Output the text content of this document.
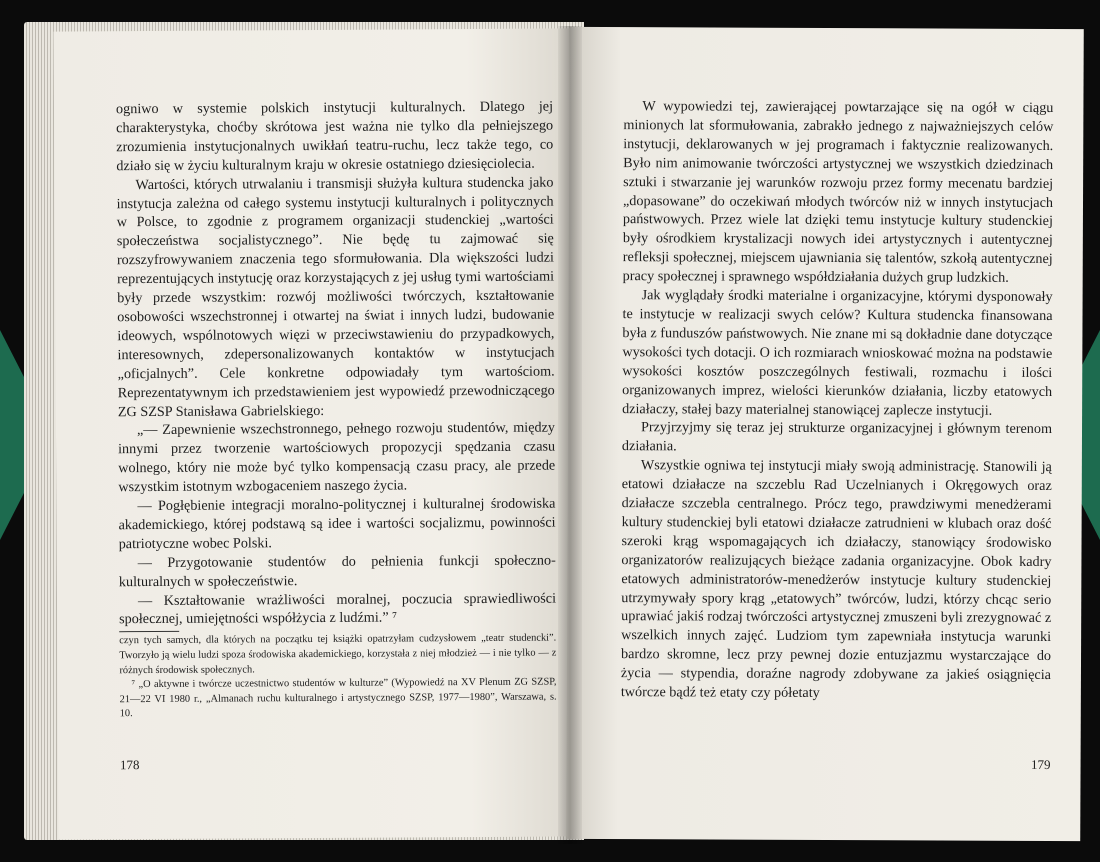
ogniwo w systemie polskich instytucji kulturalnych. Dlatego jej charakterystyka, choćby skrótowa jest ważna nie tylko dla pełniejszego zrozumienia instytucjonalnych uwikłań teatru-ruchu, lecz także tego, co działo się w życiu kulturalnym kraju w okresie ostatniego dziesięciolecia.

Wartości, których utrwalaniu i transmisji służyła kultura studencka jako instytucja zależna od całego systemu instytucji kulturalnych i politycznych w Polsce, to zgodnie z programem organizacji studenckiej „wartości społeczeństwa socjalistycznego”. Nie będę tu zajmować się rozszyfrowywaniem znaczenia tego sformułowania. Dla większości ludzi reprezentujących instytucję oraz korzystających z jej usług tymi wartościami były przede wszystkim: rozwój możliwości twórczych, kształtowanie osobowości wszechstronnej i otwartej na świat i innych ludzi, budowanie ideowych, wspólnotowych więzi w przeciwstawieniu do przypadkowych, interesownych, zdepersonalizowanych kontaktów w instytucjach „oficjalnych”. Cele konkretne odpowiadały tym wartościom. Reprezentatywnym ich przedstawieniem jest wypowiedź przewodniczącego ZG SZSP Stanisława Gabrielskiego:

„— Zapewnienie wszechstronnego, pełnego rozwoju studentów, między innymi przez tworzenie wartościowych propozycji spędzania czasu wolnego, który nie może być tylko kompensacją czasu pracy, ale przede wszystkim istotnym wzbogaceniem naszego życia.

— Pogłębienie integracji moralno-politycznej i kulturalnej środowiska akademickiego, której podstawą są idee i wartości socjalizmu, powinności patriotyczne wobec Polski.

— Przygotowanie studentów do pełnienia funkcji społeczno-kulturalnych w społeczeństwie.

— Kształtowanie wrażliwości moralnej, poczucia sprawiedliwości społecznej, umiejętności współżycia z ludźmi.” ⁷

czyn tych samych, dla których na początku tej książki opatrzyłam cudzysłowem „teatr studencki”. Tworzyło ją wielu ludzi spoza środowiska akademickiego, korzystała z niej młodzież — i nie tylko — z różnych środowisk społecznych.

⁷ „O aktywne i twórcze uczestnictwo studentów w kulturze” (Wypowiedź na XV Plenum ZG SZSP, 21—22 VI 1980 r., „Almanach ruchu kulturalnego i artystycznego SZSP, 1977—1980”, Warszawa, s. 10.

178

W wypowiedzi tej, zawierającej powtarzające się na ogół w ciągu minionych lat sformułowania, zabrakło jednego z najważniejszych celów instytucji, deklarowanych w jej programach i faktycznie realizowanych. Było nim animowanie twórczości artystycznej we wszystkich dziedzinach sztuki i stwarzanie jej warunków rozwoju przez formy mecenatu bardziej „dopasowane” do oczekiwań młodych twórców niż w innych instytucjach państwowych. Przez wiele lat dzięki temu instytucje kultury studenckiej były ośrodkiem krystalizacji nowych idei artystycznych i autentycznej refleksji społecznej, miejscem ujawniania się talentów, szkołą autentycznej pracy społecznej i sprawnego współdziałania dużych grup ludzkich.

Jak wyglądały środki materialne i organizacyjne, którymi dysponowały te instytucje w realizacji swych celów? Kultura studencka finansowana była z funduszów państwowych. Nie znane mi są dokładnie dane dotyczące wysokości tych dotacji. O ich rozmiarach wnioskować można na podstawie wysokości kosztów poszczególnych festiwali, rozmachu i ilości organizowanych imprez, wielości kierunków działania, liczby etatowych działaczy, stałej bazy materialnej stanowiącej zaplecze instytucji.

Przyjrzyjmy się teraz jej strukturze organizacyjnej i głównym terenom działania.

Wszystkie ogniwa tej instytucji miały swoją administrację. Stanowili ją etatowi działacze na szczeblu Rad Uczelnianych i Okręgowych oraz działacze szczebla centralnego. Prócz tego, prawdziwymi menedżerami kultury studenckiej byli etatowi działacze zatrudnieni w klubach oraz dość szeroki krąg wspomagających ich działaczy, stanowiący środowisko organizatorów realizujących bieżące zadania organizacyjne. Obok kadry etatowych administratorów-menedżerów instytucje kultury studenckiej utrzymywały spory krąg „etatowych” twórców, ludzi, którzy chcąc serio uprawiać jakiś rodzaj twórczości artystycznej zmuszeni byli zrezygnować z wszelkich innych zajęć. Ludziom tym zapewniała instytucja warunki bardzo skromne, lecz przy pewnej dozie entuzjazmu wystarczające do życia — stypendia, doraźne nagrody zdobywane za jakieś osiągnięcia twórcze bądź też etaty czy półetaty

179
